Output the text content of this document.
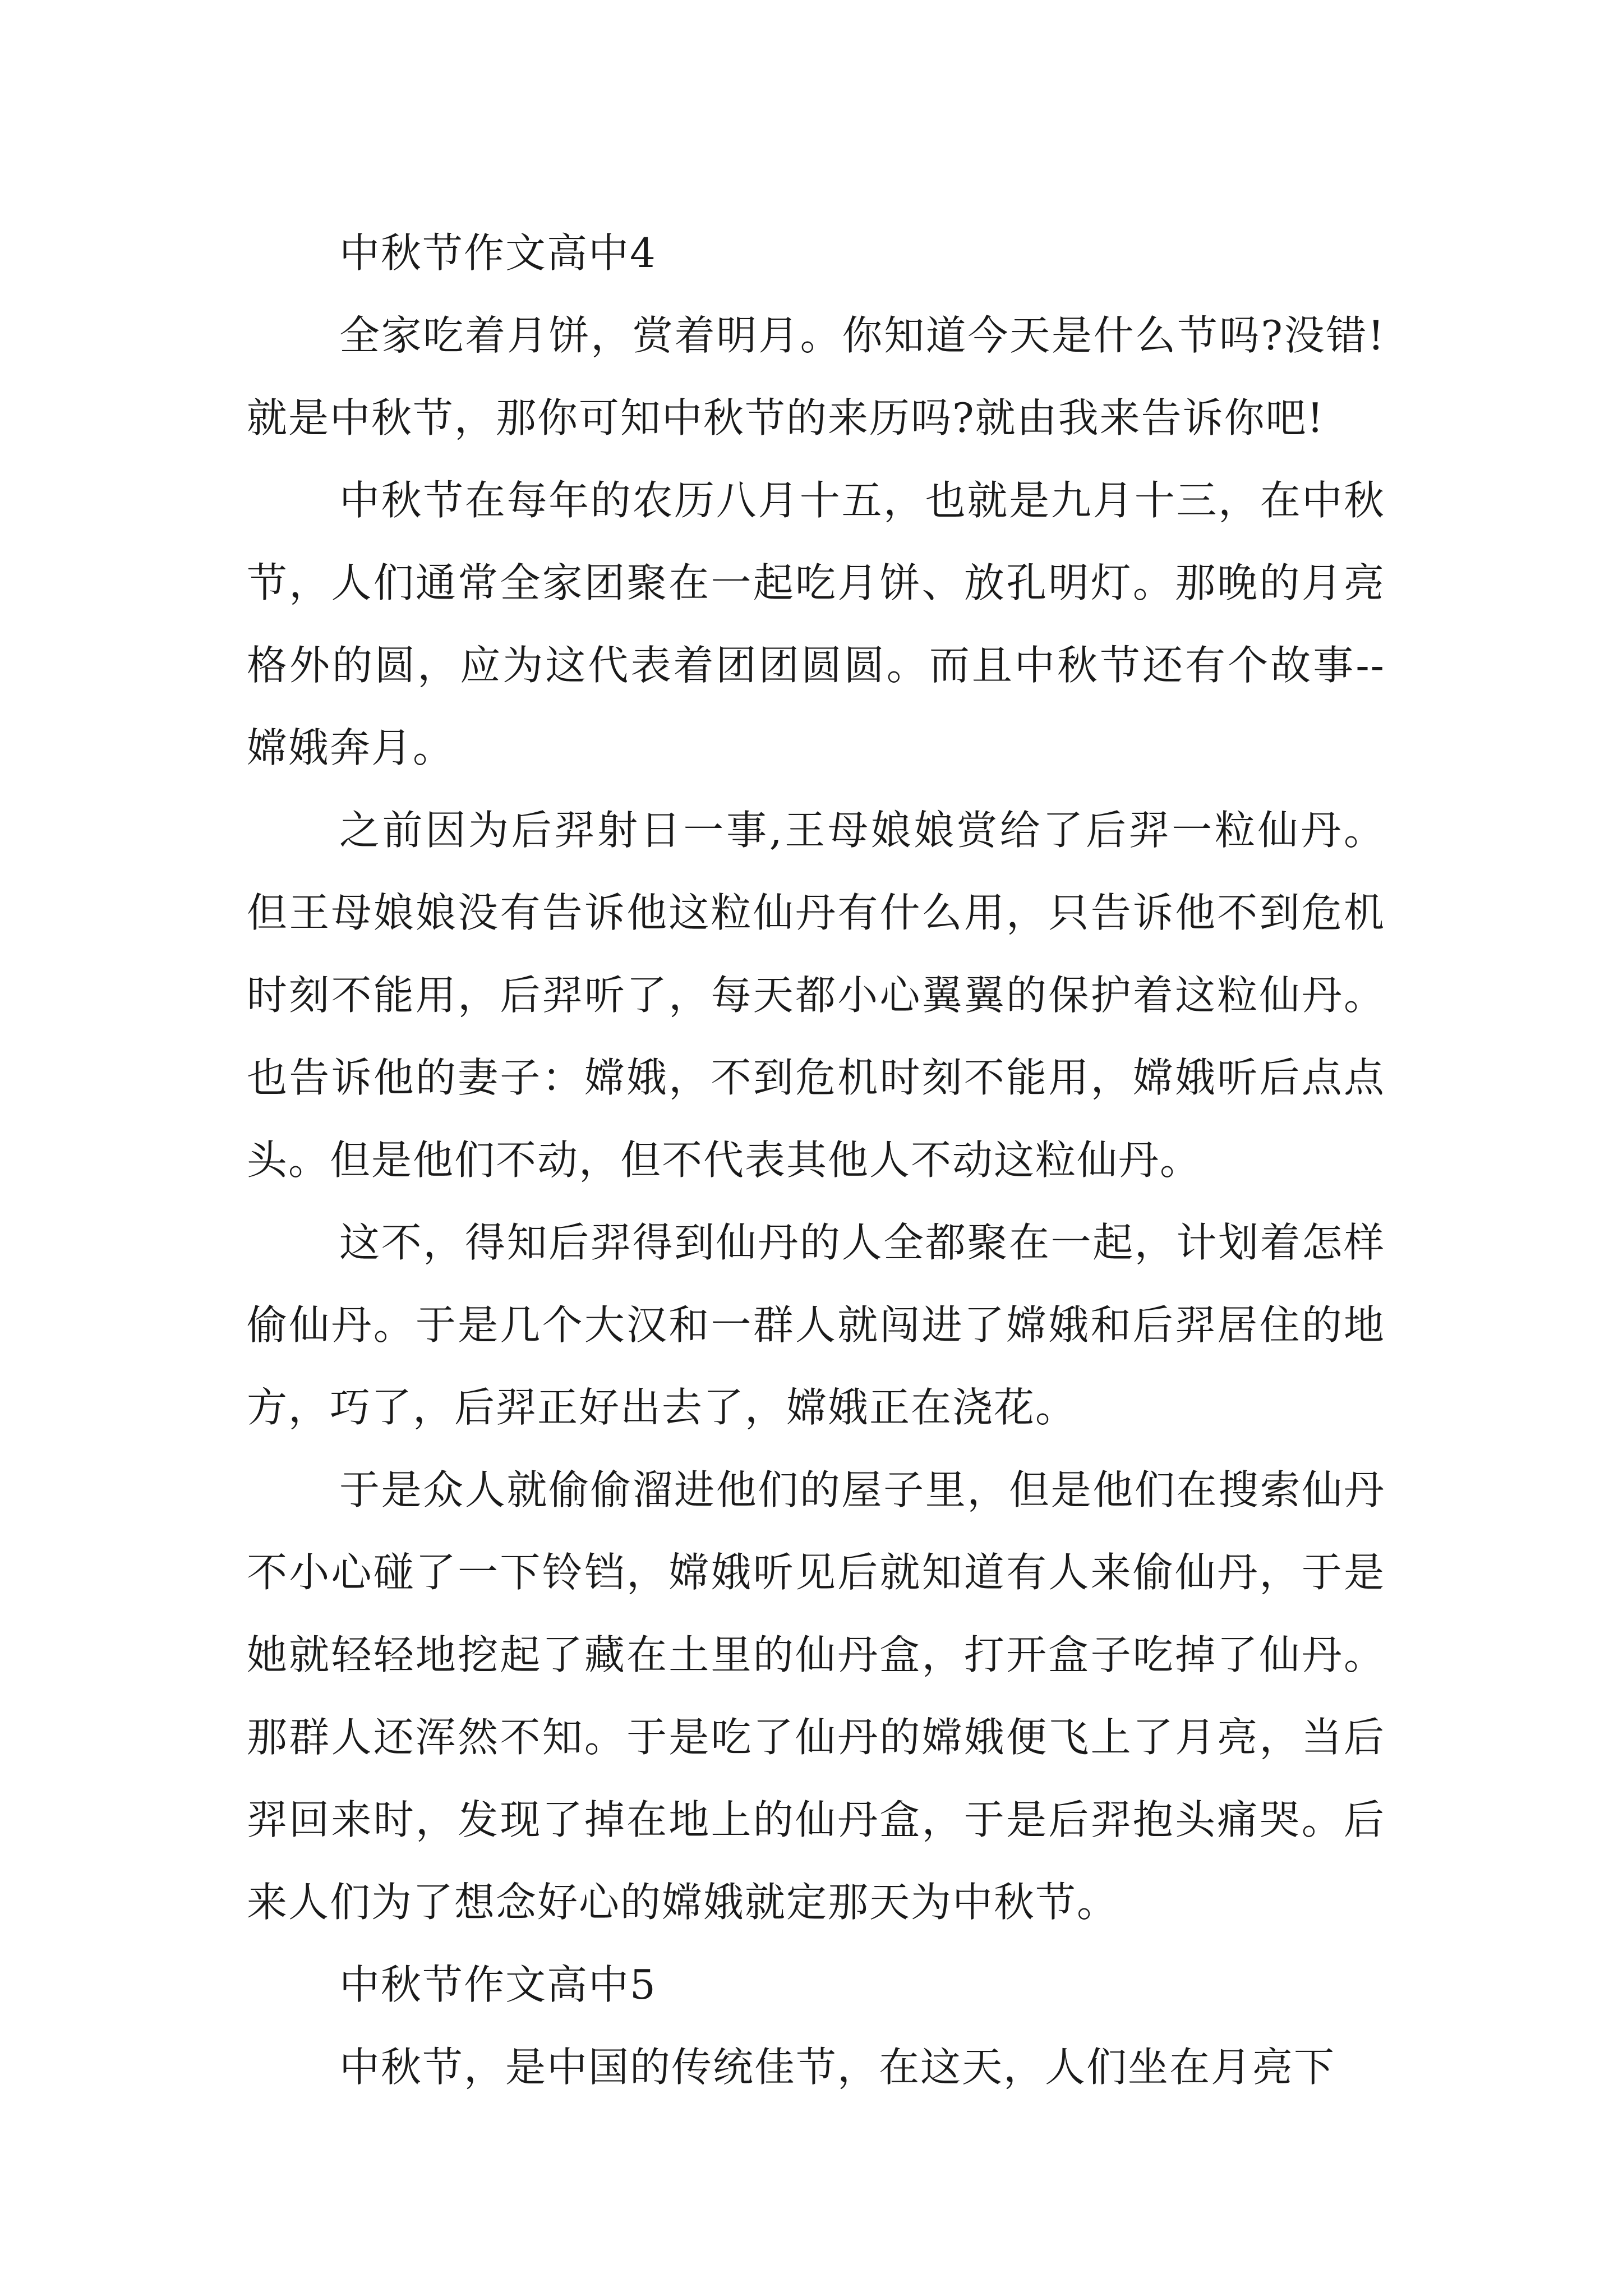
中秋节作文高中4

全家吃着月饼，赏着明月。你知道今天是什么节吗?没错!就是中秋节，那你可知中秋节的来历吗?就由我来告诉你吧!

中秋节在每年的农历八月十五，也就是九月十三，在中秋节，人们通常全家团聚在一起吃月饼、放孔明灯。那晚的月亮格外的圆，应为这代表着团团圆圆。而且中秋节还有个故事--嫦娥奔月。

之前因为后羿射日一事,王母娘娘赏给了后羿一粒仙丹。但王母娘娘没有告诉他这粒仙丹有什么用，只告诉他不到危机时刻不能用，后羿听了，每天都小心翼翼的保护着这粒仙丹。也告诉他的妻子：嫦娥，不到危机时刻不能用，嫦娥听后点点头。但是他们不动，但不代表其他人不动这粒仙丹。

这不，得知后羿得到仙丹的人全都聚在一起，计划着怎样偷仙丹。于是几个大汉和一群人就闯进了嫦娥和后羿居住的地方，巧了，后羿正好出去了，嫦娥正在浇花。

于是众人就偷偷溜进他们的屋子里，但是他们在搜索仙丹不小心碰了一下铃铛，嫦娥听见后就知道有人来偷仙丹，于是她就轻轻地挖起了藏在土里的仙丹盒，打开盒子吃掉了仙丹。那群人还浑然不知。于是吃了仙丹的嫦娥便飞上了月亮，当后羿回来时，发现了掉在地上的仙丹盒，于是后羿抱头痛哭。后来人们为了想念好心的嫦娥就定那天为中秋节。

中秋节作文高中5

中秋节，是中国的传统佳节，在这天，人们坐在月亮下
